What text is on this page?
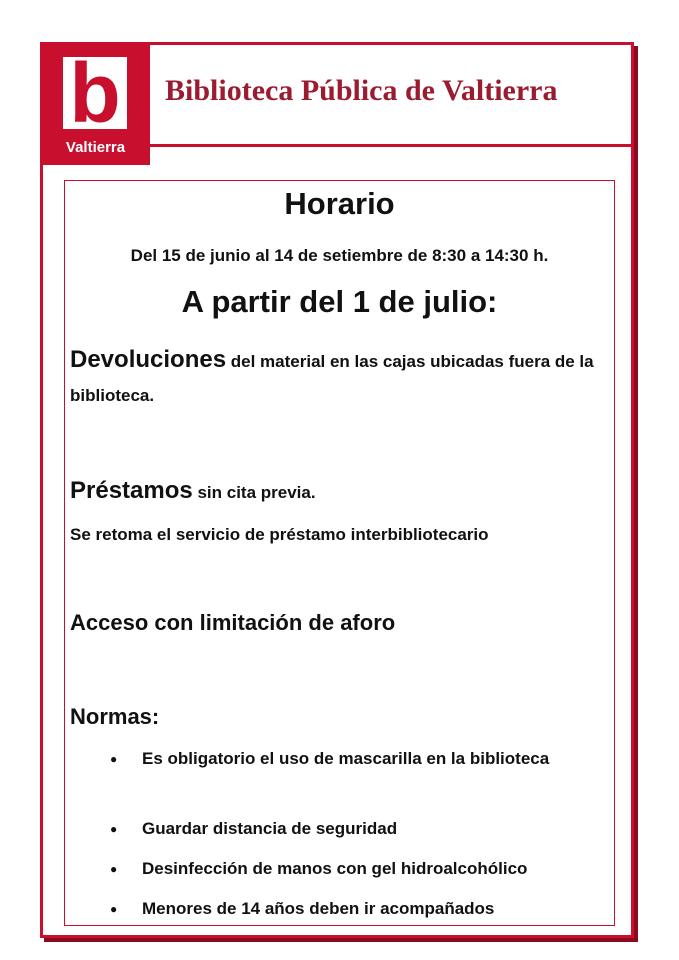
b
Valtierra
Biblioteca Pública de Valtierra
Horario
Del 15 de junio al 14 de setiembre de 8:30 a 14:30 h.
A partir del 1 de julio:
Devoluciones del material en las cajas ubicadas fuera de la biblioteca.
Préstamos sin cita previa.
Se retoma el servicio de préstamo interbibliotecario
Acceso con limitación de aforo
Normas:
● Es obligatorio el uso de mascarilla en la biblioteca
● Guardar distancia de seguridad
● Desinfección de manos con gel hidroalcohólico
● Menores de 14 años deben ir acompañados
